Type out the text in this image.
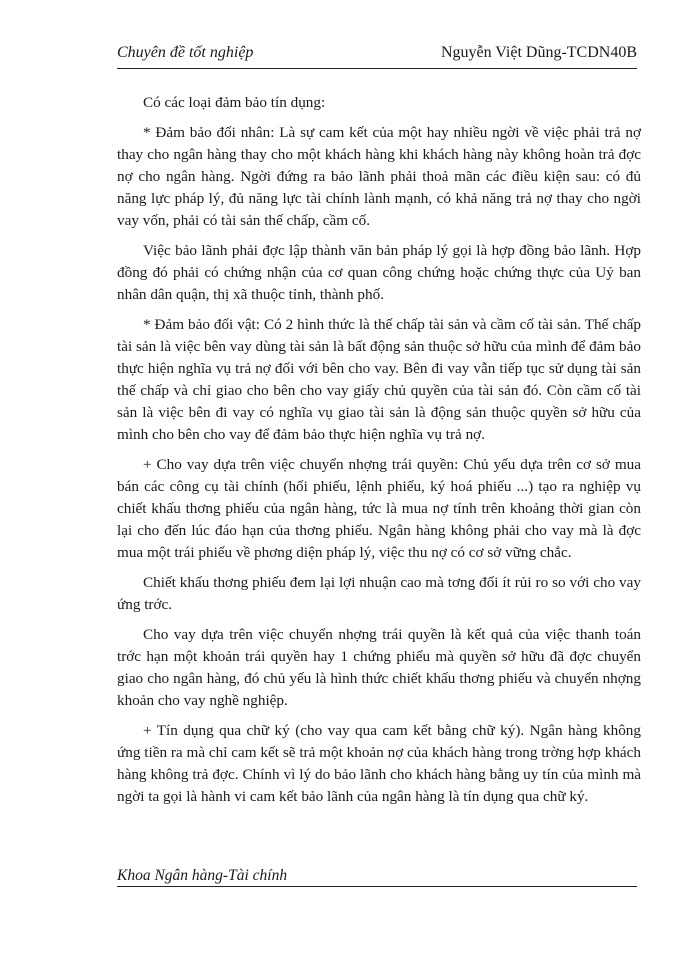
Chuyên đề tốt nghiệp	Nguyễn Việt Dũng-TCDN40B

Có các loại đảm bảo tín dụng:

* Đảm bảo đối nhân: Là sự cam kết của một hay nhiều ngời về việc phải trả nợ thay cho ngân hàng thay cho một khách hàng khi khách hàng này không hoàn trả đợc nợ cho ngân hàng. Ngời đứng ra bảo lãnh phải thoả mãn các điều kiện sau: có đủ năng lực pháp lý, đủ năng lực tài chính lành mạnh, có khả năng trả nợ thay cho ngời vay vốn, phải có tài sản thế chấp, cầm cố.

Việc bảo lãnh phải đợc lập thành văn bản pháp lý gọi là hợp đồng bảo lãnh. Hợp đồng đó phải có chứng nhận của cơ quan công chứng hoặc chứng thực của Uỷ ban nhân dân quận, thị xã thuộc tỉnh, thành phố.

* Đảm bảo đối vật: Có 2 hình thức là thế chấp tài sản và cầm cố tài sản. Thế chấp tài sản là việc bên vay dùng tài sản là bất động sản thuộc sở hữu của mình để đảm bảo thực hiện nghĩa vụ trả nợ đối với bên cho vay. Bên đi vay vẫn tiếp tục sử dụng tài sản thế chấp và chỉ giao cho bên cho vay giấy chủ quyền của tài sản đó. Còn cầm cố tài sản là việc bên đi vay có nghĩa vụ giao tài sản là động sản thuộc quyền sở hữu của mình cho bên cho vay để đảm bảo thực hiện nghĩa vụ trả nợ.

+ Cho vay dựa trên việc chuyển nhợng trái quyền: Chủ yếu dựa trên cơ sở mua bán các công cụ tài chính (hối phiếu, lệnh phiếu, ký hoá phiếu ...) tạo ra nghiệp vụ chiết khấu thơng phiếu của ngân hàng, tức là mua nợ tính trên khoảng thời gian còn lại cho đến lúc đáo hạn của thơng phiếu. Ngân hàng không phải cho vay mà là đợc mua một trái phiếu về phơng diện pháp lý, việc thu nợ có cơ sở vững chắc.

Chiết khấu thơng phiếu đem lại lợi nhuận cao mà tơng đối ít rủi ro so với cho vay ứng trớc.

Cho vay dựa trên việc chuyển nhợng trái quyền là kết quả của việc thanh toán trớc hạn một khoản trái quyền hay 1 chứng phiếu mà quyền sở hữu đã đợc chuyển giao cho ngân hàng, đó chủ yếu là hình thức chiết khấu thơng phiếu và chuyển nhợng khoản cho vay nghề nghiệp.

+ Tín dụng qua chữ ký (cho vay qua cam kết bằng chữ ký). Ngân hàng không ứng tiền ra mà chỉ cam kết sẽ trả một khoản nợ của khách hàng trong trờng hợp khách hàng không trả đợc. Chính vì lý do bảo lãnh cho khách hàng bằng uy tín của mình mà ngời ta gọi là hành vi cam kết bảo lãnh của ngân hàng là tín dụng qua chữ ký.

Khoa Ngân hàng-Tài chính
